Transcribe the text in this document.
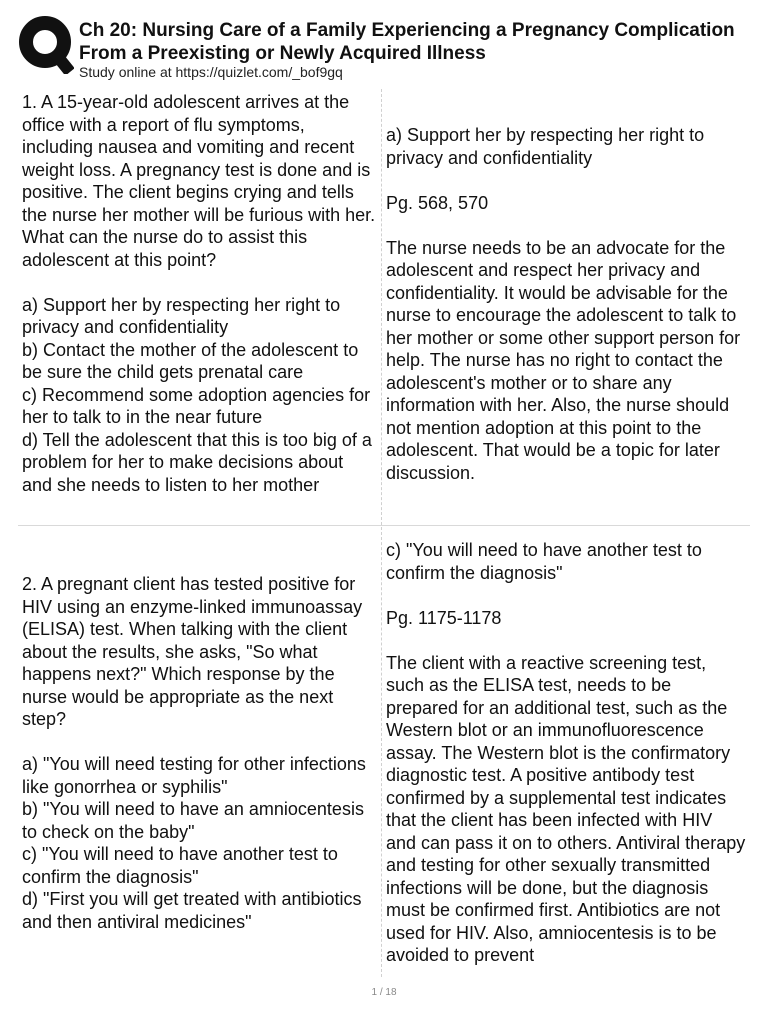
Ch 20: Nursing Care of a Family Experiencing a Pregnancy Complication
From a Preexisting or Newly Acquired Illness
Study online at https://quizlet.com/_bof9gq

1. A 15-year-old adolescent arrives at the office with a report of flu symptoms, including nausea and vomiting and recent weight loss. A pregnancy test is done and is positive. The client begins crying and tells the nurse her mother will be furious with her. What can the nurse do to assist this adolescent at this point?

a) Support her by respecting her right to privacy and confidentiality

b) Contact the mother of the adolescent to be sure the child gets prenatal care

c) Recommend some adoption agencies for her to talk to in the near future

d) Tell the adolescent that this is too big of a problem for her to make decisions about and she needs to listen to her mother

a) Support her by respecting her right to privacy and confidentiality

Pg. 568, 570

The nurse needs to be an advocate for the adolescent and respect her privacy and confidentiality. It would be advisable for the nurse to encourage the adolescent to talk to her mother or some other support person for help. The nurse has no right to contact the adolescent's mother or to share any information with her. Also, the nurse should not mention adoption at this point to the adolescent. That would be a topic for later discussion.

2. A pregnant client has tested positive for HIV using an enzyme-linked immunoassay (ELISA) test. When talking with the client about the results, she asks, "So what happens next?" Which response by the nurse would be appropriate as the next step?

a) "You will need testing for other infections like gonorrhea or syphilis"

b) "You will need to have an amniocentesis to check on the baby"

c) "You will need to have another test to confirm the diagnosis"

d) "First you will get treated with antibiotics and then antiviral medicines"

c) "You will need to have another test to confirm the diagnosis"

Pg. 1175-1178

The client with a reactive screening test, such as the ELISA test, needs to be prepared for an additional test, such as the Western blot or an immunofluorescence assay. The Western blot is the confirmatory diagnostic test. A positive antibody test confirmed by a supplemental test indicates that the client has been infected with HIV and can pass it on to others. Antiviral therapy and testing for other sexually transmitted infections will be done, but the diagnosis must be confirmed first. Antibiotics are not used for HIV. Also, amniocentesis is to be avoided to prevent

1 / 18
